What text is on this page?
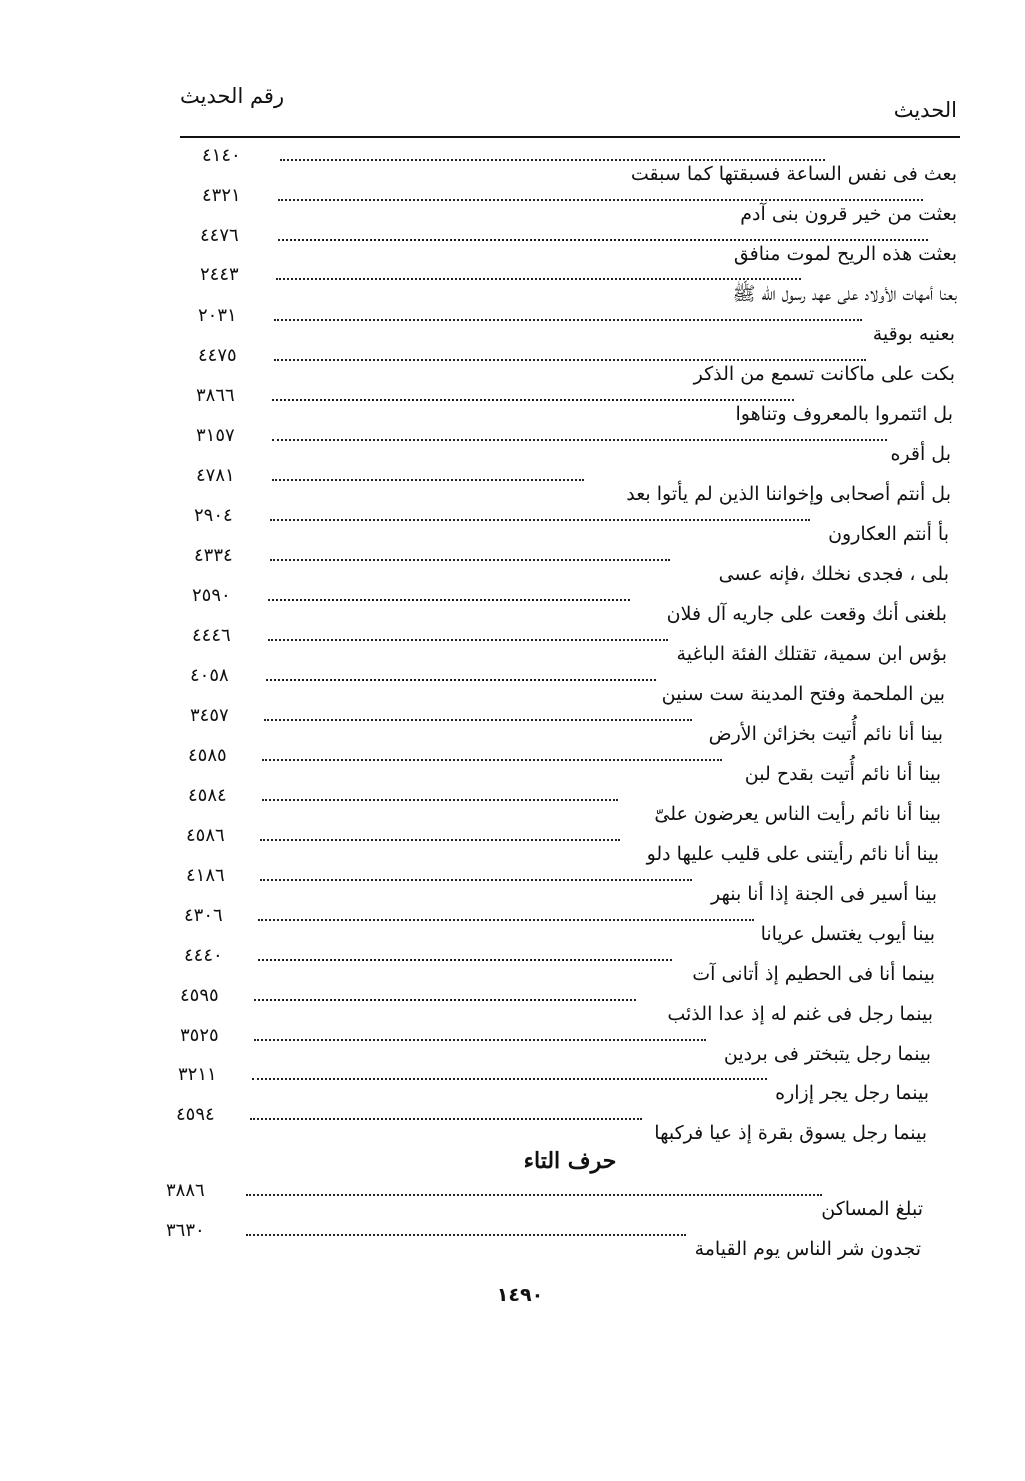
رقم الحديث
الحديث
٤١٤٠
بعث فى نفس الساعة فسبقتها كما سبقت
٤٣٢١
بعثت من خير قرون بنى آدم
٤٤٧٦
بعثت هذه الريح لموت منافق
٢٤٤٣
بعنا أمهات الأولاد على عهد رسول الله ﷺ
٢٠٣١
بعنيه بوقية
٤٤٧٥
بكت على ماكانت تسمع من الذكر
٣٨٦٦
بل ائتمروا بالمعروف وتناهوا
٣١٥٧
بل أقره
٤٧٨١
بل أنتم أصحابى وإخواننا الذين لم يأتوا بعد
٢٩٠٤
بأ أنتم العكارون
٤٣٣٤
بلى ، فجدى نخلك ،فإنه عسى
٢٥٩٠
بلغنى أنك وقعت على جاريه آل فلان
٤٤٤٦
بؤس ابن سمية، تقتلك الفئة الباغية
٤٠٥٨
بين الملحمة وفتح المدينة ست سنين
٣٤٥٧
بينا أنا نائم أُتيت بخزائن الأرض
٤٥٨٥
بينا أنا نائم أُتيت بقدح لبن
٤٥٨٤
بينا أنا نائم رأيت الناس يعرضون علىّ
٤٥٨٦
بينا أنا نائم رأيتنى على قليب عليها دلو
٤١٨٦
بينا أسير فى الجنة إذا أنا بنهر
٤٣٠٦
بينا أيوب يغتسل عريانا
٤٤٤٠
بينما أنا فى الحطيم إذ أتانى آت
٤٥٩٥
بينما رجل فى غنم له إذ عدا الذئب
٣٥٢٥
بينما رجل يتبختر فى بردين
٣٢١١
بينما رجل يجر إزاره
٤٥٩٤
بينما رجل يسوق بقرة إذ عيا فركبها
حرف التاء
٣٨٨٦
تبلغ المساكن
٣٦٣٠
تجدون شر الناس يوم القيامة
١٤٩٠
